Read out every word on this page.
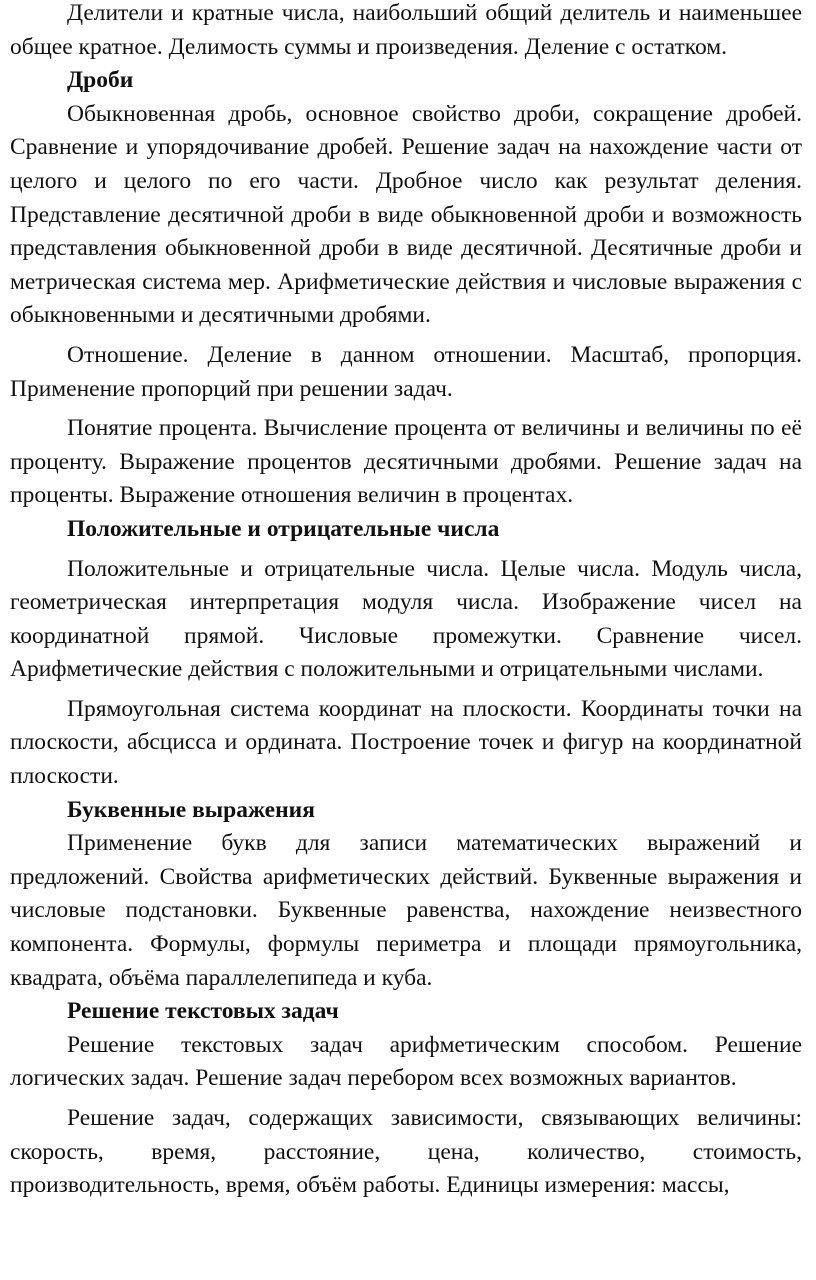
Делители и кратные числа, наибольший общий делитель и наименьшее общее кратное. Делимость суммы и произведения. Деление с остатком.

Дроби

Обыкновенная дробь, основное свойство дроби, сокращение дробей. Сравнение и упорядочивание дробей. Решение задач на нахождение части от целого и целого по его части. Дробное число как результат деления. Представление десятичной дроби в виде обыкновенной дроби и возможность представления обыкновенной дроби в виде десятичной. Десятичные дроби и метрическая система мер. Арифметические действия и числовые выражения с обыкновенными и десятичными дробями.

Отношение. Деление в данном отношении. Масштаб, пропорция. Применение пропорций при решении задач.

Понятие процента. Вычисление процента от величины и величины по её проценту. Выражение процентов десятичными дробями. Решение задач на проценты. Выражение отношения величин в процентах.

Положительные и отрицательные числа

Положительные и отрицательные числа. Целые числа. Модуль числа, геометрическая интерпретация модуля числа. Изображение чисел на координатной прямой. Числовые промежутки. Сравнение чисел. Арифметические действия с положительными и отрицательными числами.

Прямоугольная система координат на плоскости. Координаты точки на плоскости, абсцисса и ордината. Построение точек и фигур на координатной плоскости.

Буквенные выражения

Применение букв для записи математических выражений и предложений. Свойства арифметических действий. Буквенные выражения и числовые подстановки. Буквенные равенства, нахождение неизвестного компонента. Формулы, формулы периметра и площади прямоугольника, квадрата, объёма параллелепипеда и куба.

Решение текстовых задач

Решение текстовых задач арифметическим способом. Решение логических задач. Решение задач перебором всех возможных вариантов.

Решение задач, содержащих зависимости, связывающих величины: скорость, время, расстояние, цена, количество, стоимость, производительность, время, объём работы. Единицы измерения: массы,
